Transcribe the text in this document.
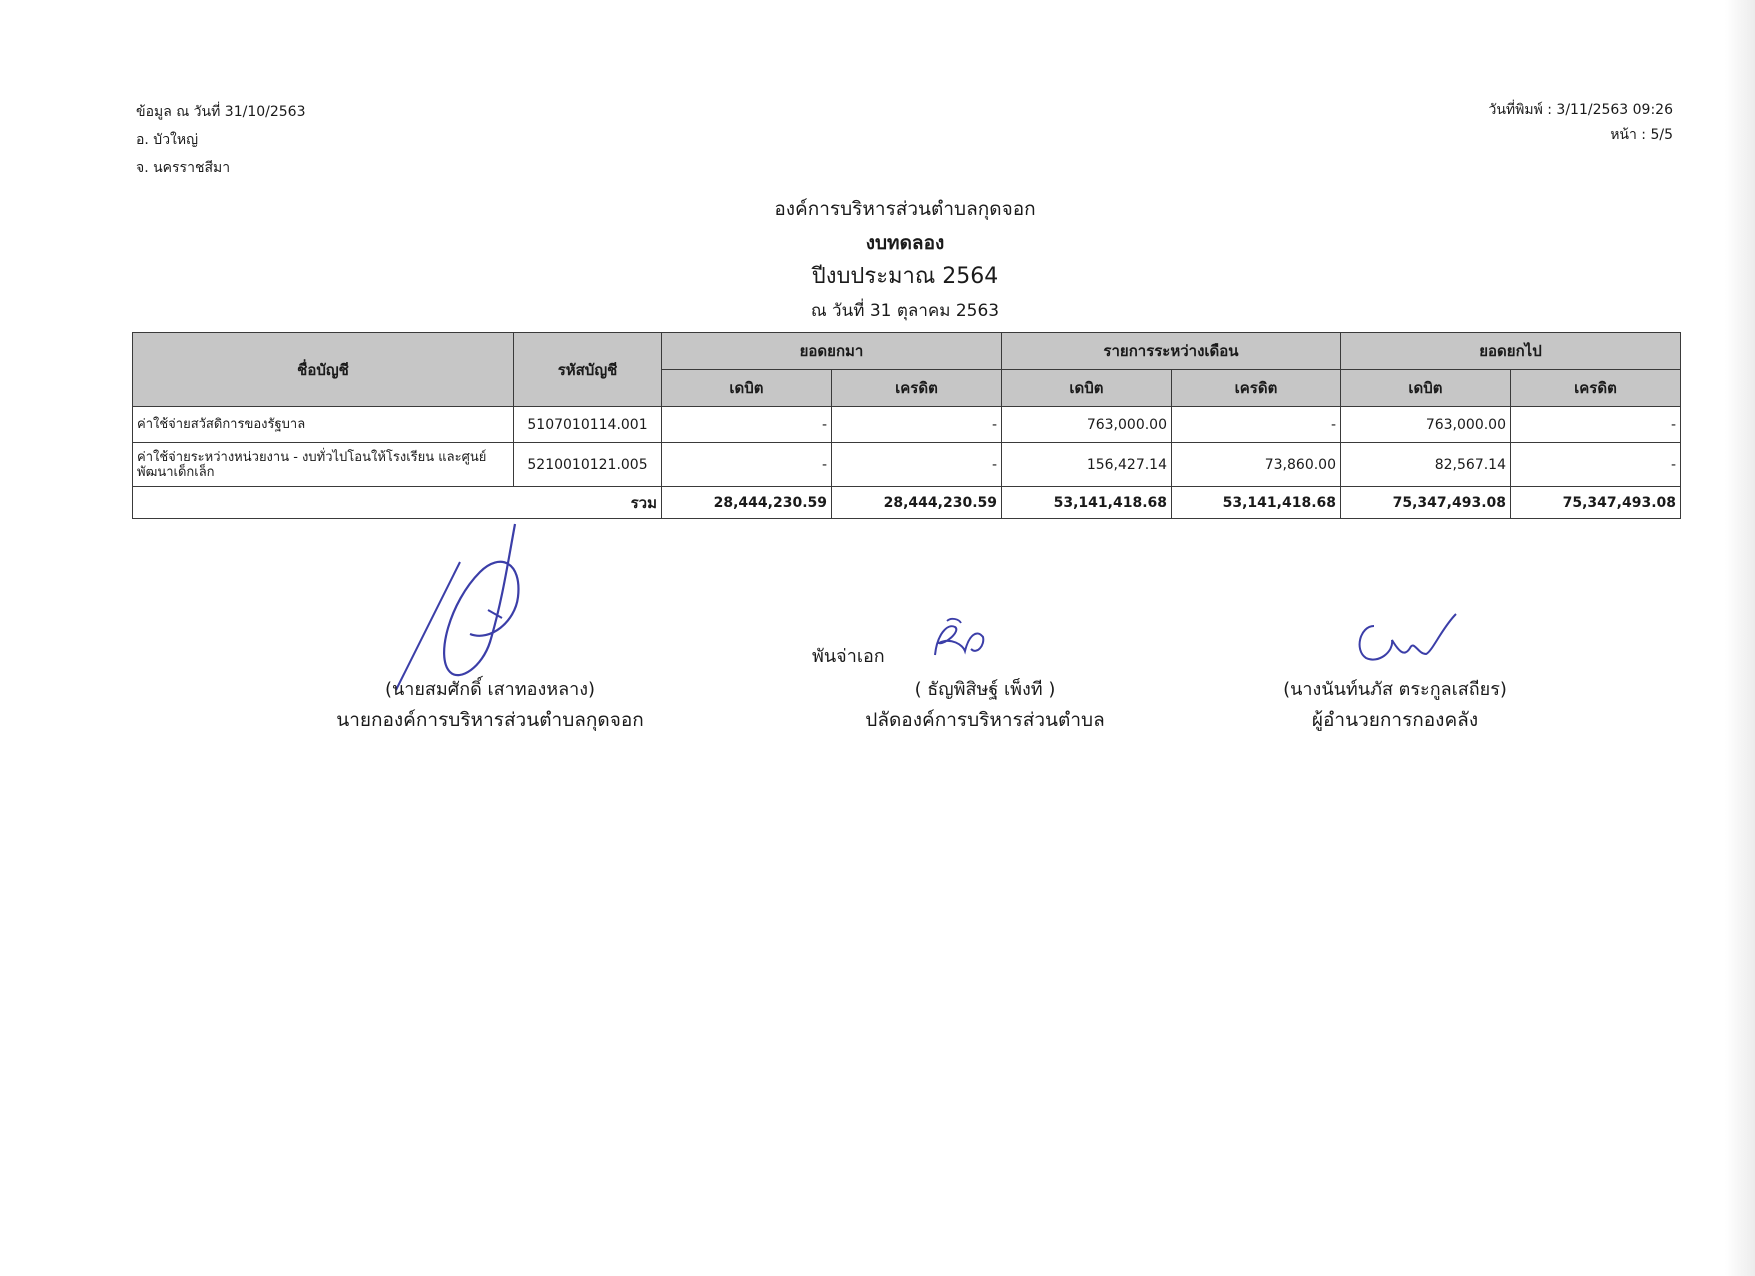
ข้อมูล ณ วันที่ 31/10/2563
อ. บัวใหญ่
จ. นครราชสีมา
วันที่พิมพ์ : 3/11/2563 09:26
หน้า : 5/5
องค์การบริหารส่วนตำบลกุดจอก
งบทดลอง
ปีงบประมาณ 2564
ณ วันที่ 31 ตุลาคม 2563
ชื่อบัญชี	รหัสบัญชี	ยอดยกมา		รายการระหว่างเดือน		ยอดยกไป	
		เดบิต	เครดิต	เดบิต	เครดิต	เดบิต	เครดิต
ค่าใช้จ่ายสวัสดิการของรัฐบาล	5107010114.001	-	-	763,000.00	-	763,000.00	-
ค่าใช้จ่ายระหว่างหน่วยงาน - งบทั่วไปโอนให้โรงเรียน และศูนย์พัฒนาเด็กเล็ก	5210010121.005	-	-	156,427.14	73,860.00	82,567.14	-
รวม		28,444,230.59	28,444,230.59	53,141,418.68	53,141,418.68	75,347,493.08	75,347,493.08
(นายสมศักดิ์ เสาทองหลาง)
นายกองค์การบริหารส่วนตำบลกุดจอก
พันจ่าเอก
( ธัญพิสิษฐ์ เพ็งที )
ปลัดองค์การบริหารส่วนตำบล
(นางนันท์นภัส ตระกูลเสถียร)
ผู้อำนวยการกองคลัง
